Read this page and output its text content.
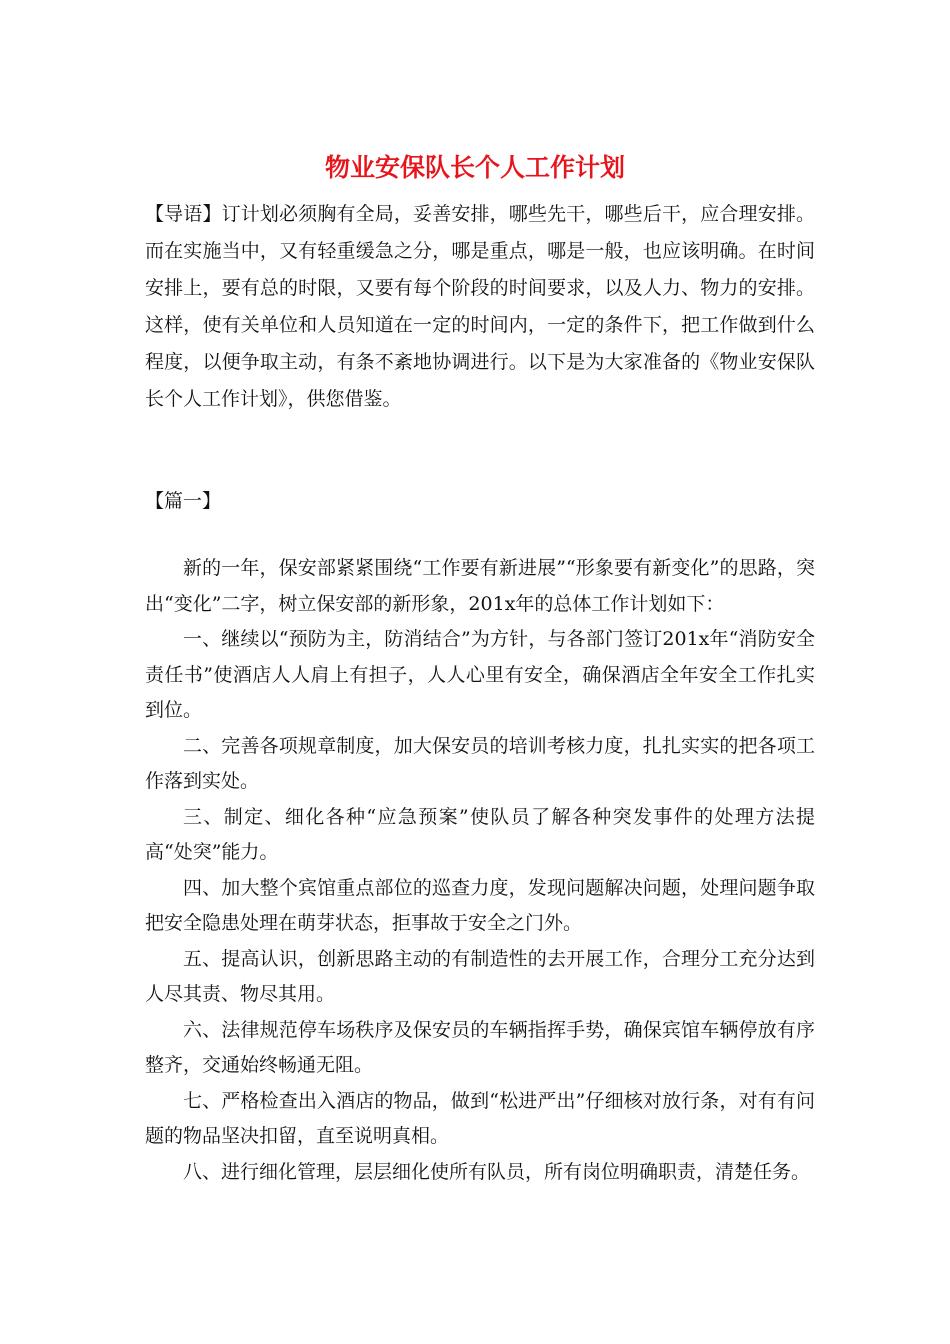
物业安保队长个人工作计划

【导语】订计划必须胸有全局，妥善安排，哪些先干，哪些后干，应合理安排。而在实施当中，又有轻重缓急之分，哪是重点，哪是一般，也应该明确。在时间安排上，要有总的时限，又要有每个阶段的时间要求，以及人力、物力的安排。这样，使有关单位和人员知道在一定的时间内，一定的条件下，把工作做到什么程度，以便争取主动，有条不紊地协调进行。以下是为大家准备的《物业安保队长个人工作计划》，供您借鉴。

【篇一】

新的一年，保安部紧紧围绕“工作要有新进展”“形象要有新变化”的思路，突出“变化”二字，树立保安部的新形象，201x年的总体工作计划如下：

一、继续以“预防为主，防消结合”为方针，与各部门签订201x年“消防安全责任书”使酒店人人肩上有担子，人人心里有安全，确保酒店全年安全工作扎实到位。

二、完善各项规章制度，加大保安员的培训考核力度，扎扎实实的把各项工作落到实处。

三、制定、细化各种“应急预案”使队员了解各种突发事件的处理方法提高“处突”能力。

四、加大整个宾馆重点部位的巡查力度，发现问题解决问题，处理问题争取把安全隐患处理在萌芽状态，拒事故于安全之门外。

五、提高认识，创新思路主动的有制造性的去开展工作，合理分工充分达到人尽其责、物尽其用。

六、法律规范停车场秩序及保安员的车辆指挥手势，确保宾馆车辆停放有序整齐，交通始终畅通无阻。

七、严格检查出入酒店的物品，做到“松进严出”仔细核对放行条，对有有问题的物品坚决扣留，直至说明真相。

八、进行细化管理，层层细化使所有队员，所有岗位明确职责，清楚任务。
